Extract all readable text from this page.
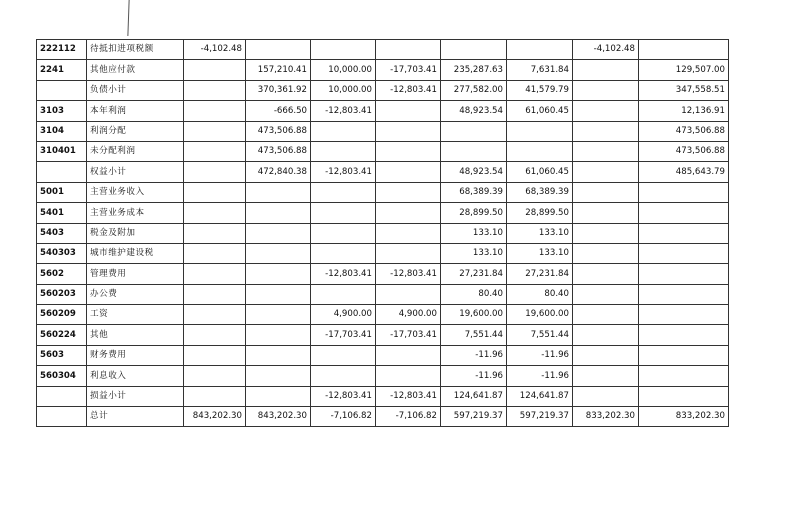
222112	待抵扣进项税额	-4,102.48						-4,102.48	
2241	其他应付款		157,210.41	10,000.00	-17,703.41	235,287.63	7,631.84		129,507.00
	负债小计		370,361.92	10,000.00	-12,803.41	277,582.00	41,579.79		347,558.51
3103	本年利润		-666.50	-12,803.41		48,923.54	61,060.45		12,136.91
3104	利润分配		473,506.88						473,506.88
310401	未分配利润		473,506.88						473,506.88
	权益小计		472,840.38	-12,803.41		48,923.54	61,060.45		485,643.79
5001	主营业务收入					68,389.39	68,389.39		
5401	主营业务成本					28,899.50	28,899.50		
5403	税金及附加					133.10	133.10		
540303	城市维护建设税					133.10	133.10		
5602	管理费用			-12,803.41	-12,803.41	27,231.84	27,231.84		
560203	办公费					80.40	80.40		
560209	工资			4,900.00	4,900.00	19,600.00	19,600.00		
560224	其他			-17,703.41	-17,703.41	7,551.44	7,551.44		
5603	财务费用					-11.96	-11.96		
560304	利息收入					-11.96	-11.96		
	损益小计			-12,803.41	-12,803.41	124,641.87	124,641.87		
	总计	843,202.30	843,202.30	-7,106.82	-7,106.82	597,219.37	597,219.37	833,202.30	833,202.30
